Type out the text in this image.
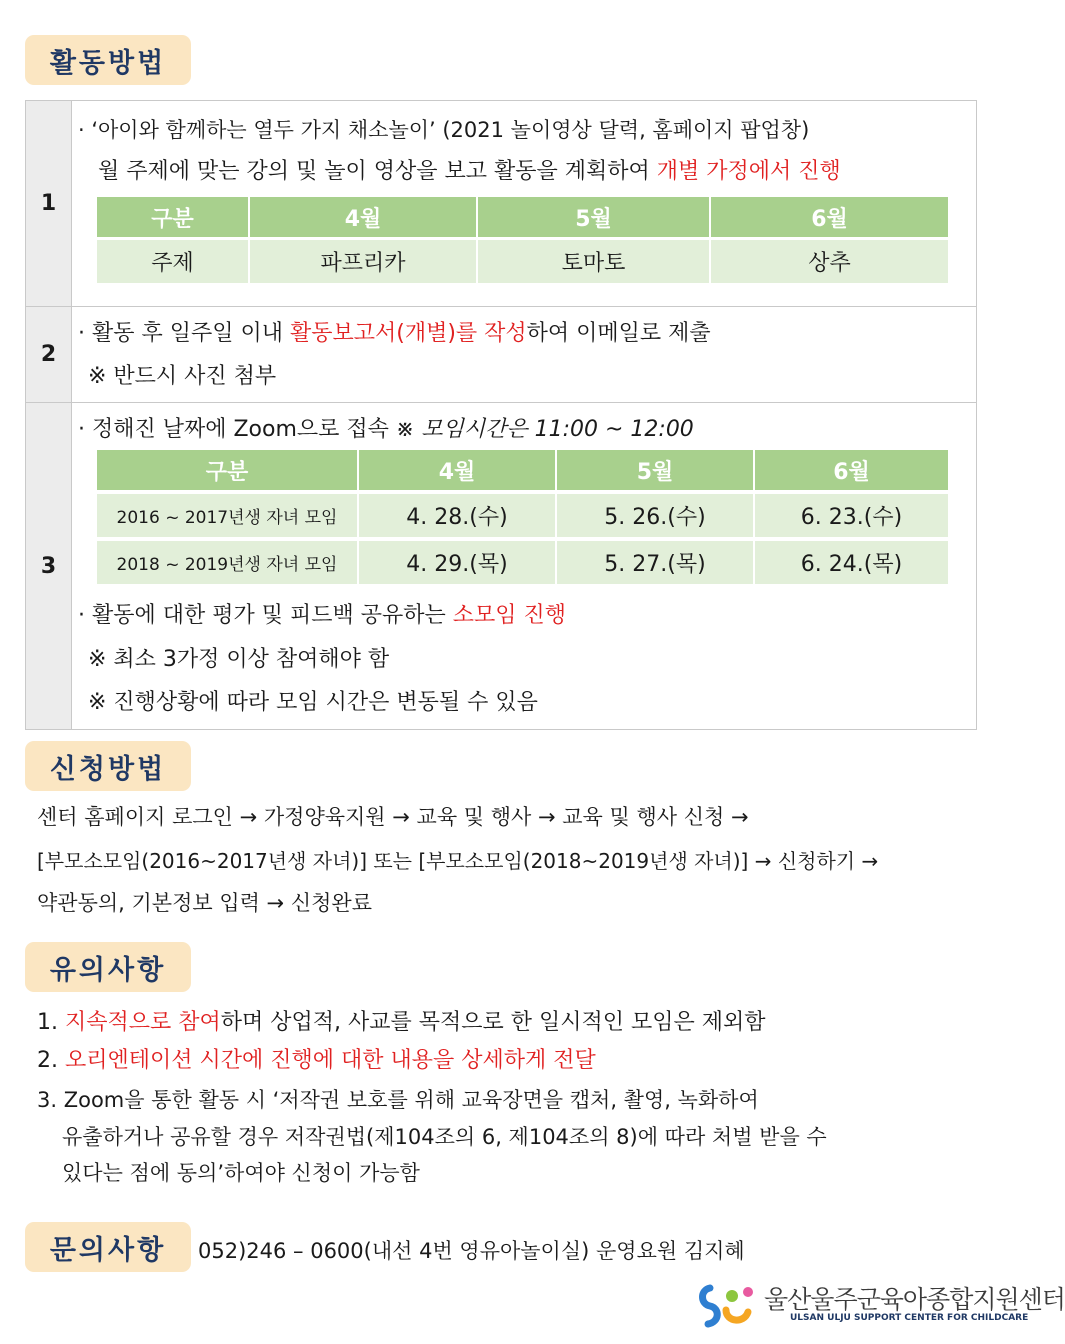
활동방법
1
· ‘아이와 함께하는 열두 가지 채소놀이’ (2021 놀이영상 달력, 홈페이지 팝업창)
월 주제에 맞는 강의 및 놀이 영상을 보고 활동을 계획하여 개별 가정에서 진행
구분	4월	5월	6월
주제	파프리카	토마토	상추
2
· 활동 후 일주일 이내 활동보고서(개별)를 작성하여 이메일로 제출
※ 반드시 사진 첨부
3
· 정해진 날짜에 Zoom으로 접속 ※ 모임시간은 11:00 ~ 12:00
구분	4월	5월	6월
2016 ~ 2017년생 자녀 모임	4. 28.(수)	5. 26.(수)	6. 23.(수)
2018 ~ 2019년생 자녀 모임	4. 29.(목)	5. 27.(목)	6. 24.(목)
· 활동에 대한 평가 및 피드백 공유하는 소모임 진행
※ 최소 3가정 이상 참여해야 함
※ 진행상황에 따라 모임 시간은 변동될 수 있음
신청방법
센터 홈페이지 로그인 → 가정양육지원 → 교육 및 행사 → 교육 및 행사 신청 →
[부모소모임(2016~2017년생 자녀)] 또는 [부모소모임(2018~2019년생 자녀)] → 신청하기 →
약관동의, 기본정보 입력 → 신청완료
유의사항
1. 지속적으로 참여하며 상업적, 사교를 목적으로 한 일시적인 모임은 제외함
2. 오리엔테이션 시간에 진행에 대한 내용을 상세하게 전달
3. Zoom을 통한 활동 시 ‘저작권 보호를 위해 교육장면을 캡처, 촬영, 녹화하여
유출하거나 공유할 경우 저작권법(제104조의 6, 제104조의 8)에 따라 처벌 받을 수
있다는 점에 동의’하여야 신청이 가능함
문의사항	052)246 – 0600(내선 4번 영유아놀이실) 운영요원 김지혜
울산울주군육아종합지원센터
ULSAN ULJU SUPPORT CENTER FOR CHILDCARE
